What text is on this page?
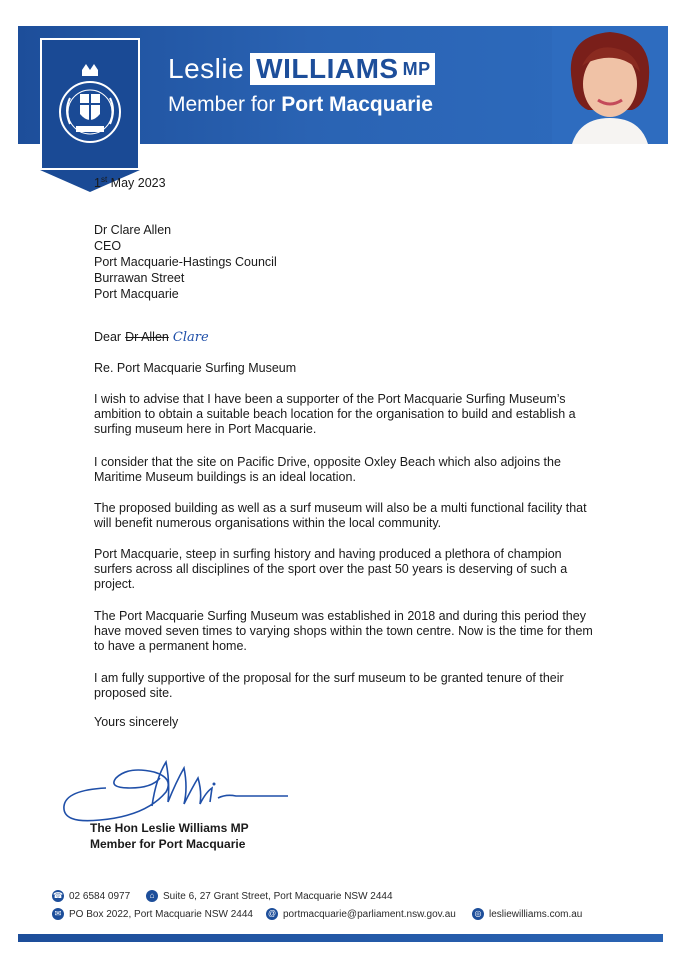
Leslie WILLIAMS MP
Member for Port Macquarie
1st May 2023
Dr Clare Allen
CEO
Port Macquarie-Hastings Council
Burrawan Street
Port Macquarie
Dear Dr Allen Clare
Re. Port Macquarie Surfing Museum

I wish to advise that I have been a supporter of the Port Macquarie Surfing Museum’s ambition to obtain a suitable beach location for the organisation to build and establish a surfing museum here in Port Macquarie.

I consider that the site on Pacific Drive, opposite Oxley Beach which also adjoins the Maritime Museum buildings is an ideal location.

The proposed building as well as a surf museum will also be a multi functional facility that will benefit numerous organisations within the local community.

Port Macquarie, steep in surfing history and having produced a plethora of champion surfers across all disciplines of the sport over the past 50 years is deserving of such a project.

The Port Macquarie Surfing Museum was established in 2018 and during this period they have moved seven times to varying shops within the town centre. Now is the time for them to have a permanent home.

I am fully supportive of the proposal for the surf museum to be granted tenure of their proposed site.

Yours sincerely
The Hon Leslie Williams MP
Member for Port Macquarie
☎ 02 6584 0977	⌂ Suite 6, 27 Grant Street, Port Macquarie NSW 2444
✉ PO Box 2022, Port Macquarie NSW 2444 @ portmacquarie@parliament.nsw.gov.au	◎ lesliewilliams.com.au
